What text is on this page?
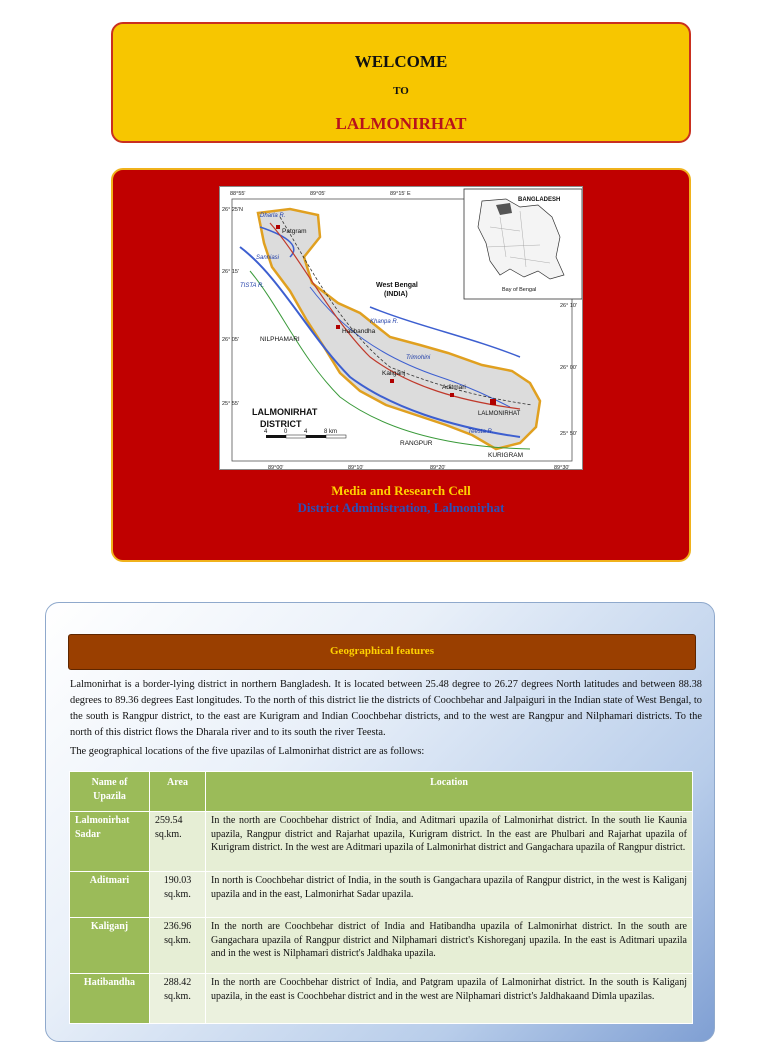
WELCOME
TO
LALMONIRHAT
88°55'	89°05'	89°15' E
89°00'	89°10'	89°20'	89°30'
26° 25'N
26° 15'
26° 05'
25° 55'
26° 10'
26° 00'
25° 50'
Patgram
Hatibandha
Kaliganj
Aditmari
LALMONIRHAT
NILPHAMARI
RANGPUR
KURIGRAM
Dharla R.
Teesta R.
Khanpa R.
Trimohini
Sanniasi
TISTA R.	West Bengal
(INDIA)
LALMONIRHAT
DISTRICT
4	0	4	8 km
BANGLADESH
Bay of Bengal
Media and Research Cell
District Administration, Lalmonirhat
Geographical features

Lalmonirhat is a border-lying district in northern Bangladesh. It is located between 25.48 degree to 26.27 degrees North latitudes and between 88.38 degrees to 89.36 degrees East longitudes. To the north of this district lie the districts of Coochbehar and Jalpaiguri in the Indian state of West Bengal, to the south is Rangpur district, to the east are Kurigram and Indian Coochbehar districts, and to the west are Rangpur and Nilphamari districts. To the north of this district flows the Dharala river and to its south the river Teesta.

The geographical locations of the five upazilas of Lalmonirhat district are as follows:

Name of Upazila	Area	Location
Lalmonirhat Sadar	259.54 sq.km.	In the north are Coochbehar district of India, and Aditmari upazila of Lalmonirhat district. In the south lie Kaunia upazila, Rangpur district and Rajarhat upazila, Kurigram district. In the east are Phulbari and Rajarhat upazila of Kurigram district. In the west are Aditmari upazila of Lalmonirhat district and Gangachara upazila of Rangpur district.
Aditmari	190.03 sq.km.	In north is Coochbehar district of India, in the south is Gangachara upazila of Rangpur district, in the west is Kaliganj upazila and in the east, Lalmonirhat Sadar upazila.
Kaliganj	236.96 sq.km.	In the north are Coochbehar district of India and Hatibandha upazila of Lalmonirhat district. In the south are Gangachara upazila of Rangpur district and Nilphamari district's Kishoreganj upazila. In the east is Aditmari upazila and in the west is Nilphamari district's Jaldhaka upazila.
Hatibandha	288.42 sq.km.	In the north are Coochbehar district of India, and Patgram upazila of Lalmonirhat district. In the south is Kaliganj upazila, in the east is Coochbehar district and in the west are Nilphamari district's Jaldhakaand Dimla upazilas.
